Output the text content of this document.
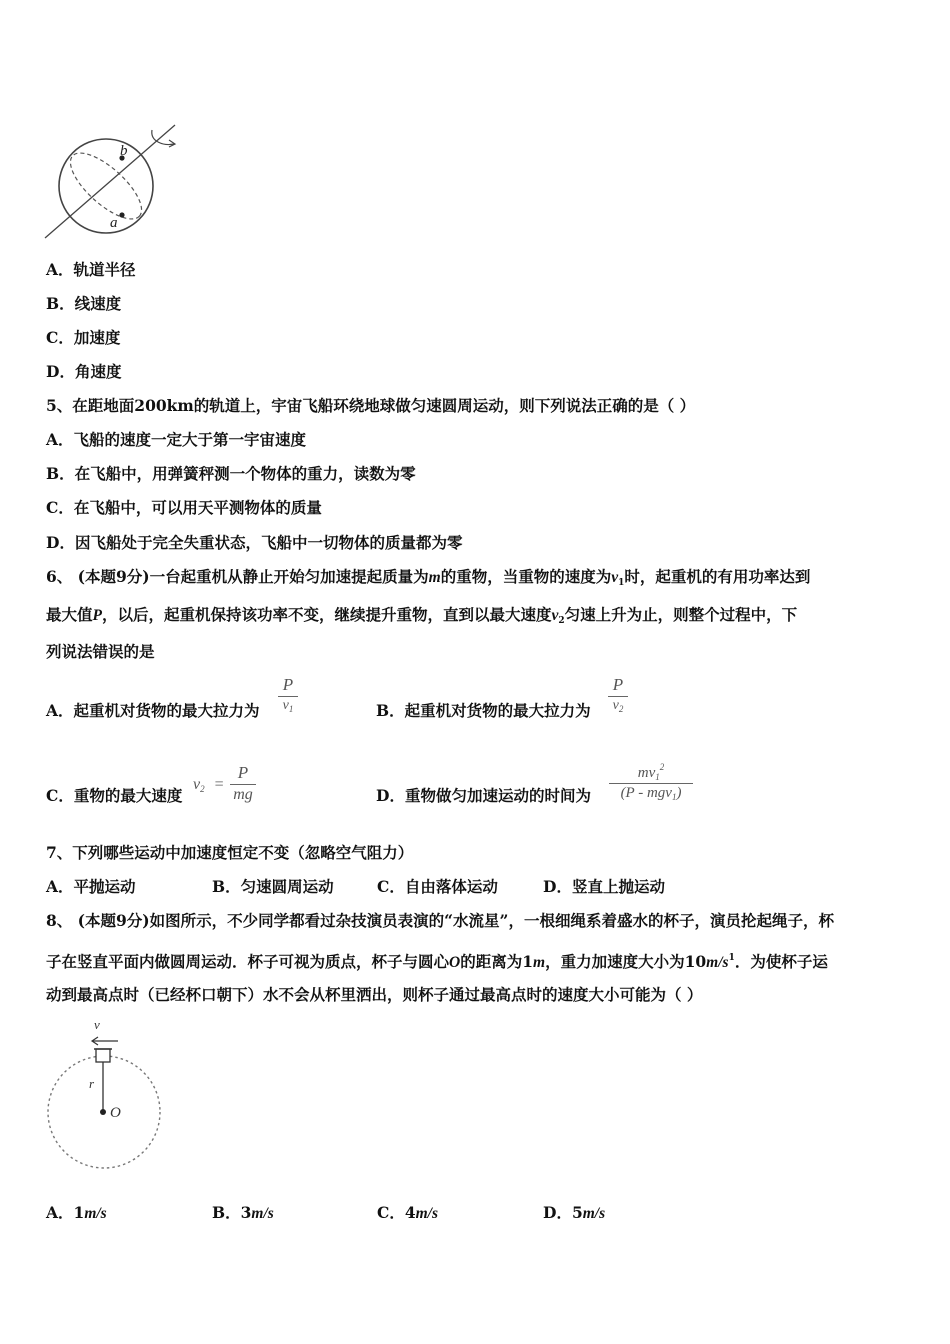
b
a
A．轨道半径
B．线速度
C．加速度
D．角速度
5、在距地面200km的轨道上，宇宙飞船环绕地球做匀速圆周运动，则下列说法正确的是（ ）
A．飞船的速度一定大于第一宇宙速度
B．在飞船中，用弹簧秤测一个物体的重力，读数为零
C．在飞船中，可以用天平测物体的质量
D．因飞船处于完全失重状态，飞船中一切物体的质量都为零
6、 (本题9分)一台起重机从静止开始匀加速提起质量为m的重物，当重物的速度为$v_1$时，起重机的有用功率达到
最大值P，以后，起重机保持该功率不变，继续提升重物，直到以最大速度$v_2$匀速上升为止，则整个过程中，下
列说法错误的是
A．起重机对货物的最大拉力为
P
$v_1$	B．起重机对货物的最大拉力为
P
$v_2$
C．重物的最大速度
$v_2$ =
P
mg	D．重物做匀加速运动的时间为
$mv_1^2$
(P - mgv$_1$)
7、下列哪些运动中加速度恒定不变（忽略空气阻力）
A．平抛运动	B．匀速圆周运动	C．自由落体运动	D．竖直上抛运动
8、 (本题9分)如图所示，不少同学都看过杂技演员表演的“水流星”，一根细绳系着盛水的杯子，演员抡起绳子，杯
子在竖直平面内做圆周运动．杯子可视为质点，杯子与圆心O的距离为1m，重力加速度大小为$10m/s^1$．为使杯子运
动到最高点时（已经杯口朝下）水不会从杯里洒出，则杯子通过最高点时的速度大小可能为（ ）
v
r
O
A．1m/s	B．3m/s	C．4m/s	D．5m/s
